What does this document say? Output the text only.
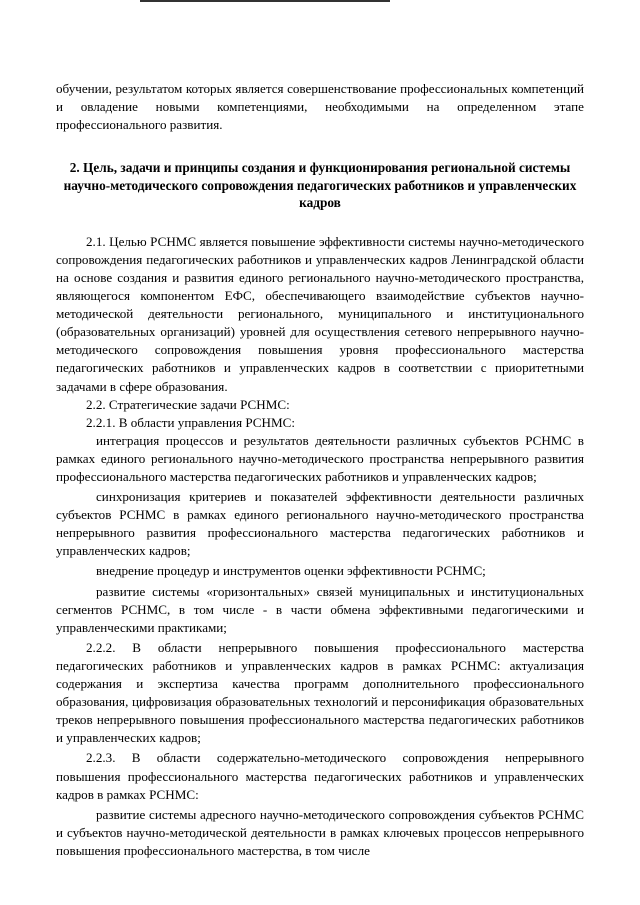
обучении, результатом которых является совершенствование профессиональных компетенций и овладение новыми компетенциями, необходимыми на определенном этапе профессионального развития.

2. Цель, задачи и принципы создания и функционирования региональной системы научно-методического сопровождения педагогических работников и управленческих кадров

2.1. Целью РСНМС является повышение эффективности системы научно-методического сопровождения педагогических работников и управленческих кадров Ленинградской области на основе создания и развития единого регионального научно-методического пространства, являющегося компонентом ЕФС, обеспечивающего взаимодействие субъектов научно-методической деятельности регионального, муниципального и институционального (образовательных организаций) уровней для осуществления сетевого непрерывного научно-методического сопровождения повышения уровня профессионального мастерства педагогических работников и управленческих кадров в соответствии с приоритетными задачами в сфере образования.

2.2. Стратегические задачи РСНМС:

2.2.1. В области управления РСНМС:

интеграция процессов и результатов деятельности различных субъектов РСНМС в рамках единого регионального научно-методического пространства непрерывного развития профессионального мастерства педагогических работников и управленческих кадров;

синхронизация критериев и показателей эффективности деятельности различных субъектов РСНМС в рамках единого регионального научно-методического пространства непрерывного развития профессионального мастерства педагогических работников и управленческих кадров;

внедрение процедур и инструментов оценки эффективности РСНМС;

развитие системы «горизонтальных» связей муниципальных и институциональных сегментов РСНМС, в том числе - в части обмена эффективными педагогическими и управленческими практиками;

2.2.2. В области непрерывного повышения профессионального мастерства педагогических работников и управленческих кадров в рамках РСНМС: актуализация содержания и экспертиза качества программ дополнительного профессионального образования, цифровизация образовательных технологий и персонификация образовательных треков непрерывного повышения профессионального мастерства педагогических работников и управленческих кадров;

2.2.3. В области содержательно-методического сопровождения непрерывного повышения профессионального мастерства педагогических работников и управленческих кадров в рамках РСНМС:

развитие системы адресного научно-методического сопровождения субъектов РСНМС и субъектов научно-методической деятельности в рамках ключевых процессов непрерывного повышения профессионального мастерства, в том числе
